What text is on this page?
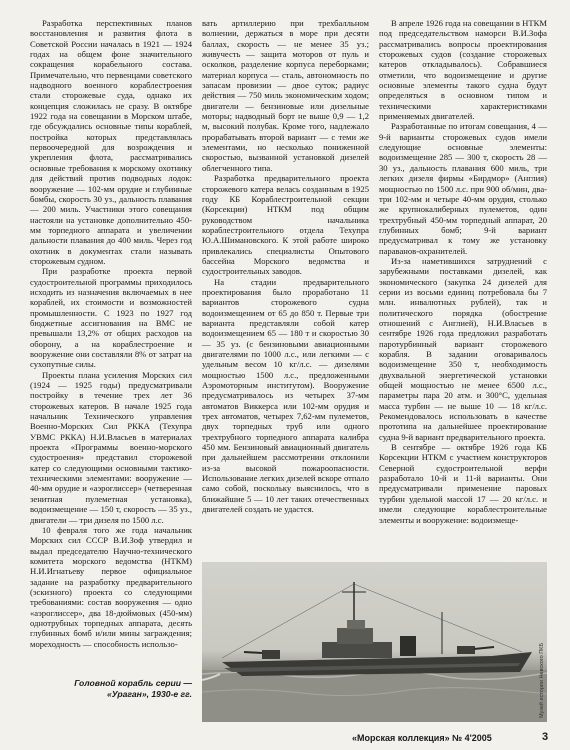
Разработка перспективных планов восстановления и развития флота в Советской России началась в 1921 — 1924 годах на общем фоне значительного сокращения корабельного состава. Примечательно, что первенцами советского надводного военного кораблестроения стали сторожевые суда, однако их концепция сложилась не сразу. В октябре 1922 года на совещании в Морском штабе, где обсуждались основные типы кораблей, постройка которых представлялась первоочередной для возрождения и укрепления флота, рассматривались основные требования к морскому охотнику для действий против подводных лодок: вооружение — 102-мм орудие и глубинные бомбы, скорость 30 уз., дальность плавания — 200 миль. Участники этого совещания настояли на установке дополнительно 450-мм торпедного аппарата и увеличении дальности плавания до 400 миль. Через год охотник в документах стали называть сторожевым судном.

При разработке проекта первой судостроительной программы приходилось исходить из назначения включаемых в нее кораблей, их стоимости и возможностей промышленности. С 1923 по 1927 год бюджетные ассигнования на ВМС не превышали 13,2% от общих расходов на оборону, а на кораблестроение и вооружение они составляли 8% от затрат на сухопутные силы.

Проекты плана усиления Морских сил (1924 — 1925 годы) предусматривали постройку в течение трех лет 36 сторожевых катеров. В начале 1925 года начальник Технического управления Военно-Морских Сил РККА (Техупра УВМС РККА) Н.И.Власьев в материалах проекта «Программы военно-морского судостроения» представил сторожевой катер со следующими основными тактико-техническими элементами: вооружение — 40-мм орудие и «аэроглиссер» (четверенная зенитная пулеметная установка), водоизмещение — 150 т, скорость — 35 уз., двигатели — три дизеля по 1500 л.с.

10 февраля того же года начальник Морских сил СССР В.И.Зоф утвердил и выдал председателю Научно-технического комитета морского ведомства (НТКМ) Н.И.Игнатьеву первое официальное задание на разработку предварительного (эскизного) проекта со следующими требованиями: состав вооружения — одно «аэроглиссер», два 18-дюймовых (450-мм) однотрубных торпедных аппарата, десять глубинных бомб и/или мины заграждения; мореходность — способность использо-

вать артиллерию при трехбалльном волнении, держаться в море при десяти баллах, скорость — не менее 35 уз.; живучесть — защита моторов от пуль и осколков, разделение корпуса переборками; материал корпуса — сталь, автономность по запасам провизии — двое суток; радиус действия — 750 миль экономическим ходом; двигатели — бензиновые или дизельные моторы; надводный борт не выше 0,9 — 1,2 м, высокий полубак. Кроме того, надлежало прорабатывать второй вариант — с теми же элементами, но несколько пониженной скоростью, вызванной установкой дизелей облегченного типа.

Разработка предварительного проекта сторожевого катера велась созданным в 1925 году КБ Кораблестроительной секции (Корсекции) НТКМ под общим руководством начальника кораблестроительного отдела Техупра Ю.А.Шимановского. К этой работе широко привлекались специалисты Опытового бассейна Морского ведомства и судостроительных заводов.

На стадии предварительного проектирования было проработано 11 вариантов сторожевого судна водоизмещением от 65 до 850 т. Первые три варианта представляли собой катер водоизмещением 65 — 180 т и скоростью 30 — 35 уз. (с бензиновыми авиационными двигателями по 1000 л.с., или легкими — с удельным весом 10 кг/л.с. — дизелями мощностью 1500 л.с., предложенными Аэромоторным институтом). Вооружение предусматривалось из четырех 37-мм автоматов Виккерса или 102-мм орудия и трех автоматов, четырех 7,62-мм пулеметов, двух торпедных труб или одного трехтрубного торпедного аппарата калибра 450 мм. Бензиновый авиационный двигатель при дальнейшем рассмотрении отклонили из-за высокой пожароопасности. Использование легких дизелей вскоре отпало само собой, поскольку выяснилось, что в ближайшие 5 — 10 лет таких отечественных двигателей создать не удастся.

В апреле 1926 года на совещании в НТКМ под председательством наморси В.И.Зофа рассматривались вопросы проектирования сторожевых судов (создание сторожевых катеров откладывалось). Собравшиеся отметили, что водоизмещение и другие основные элементы такого судна будут определяться в основном типом и техническими характеристиками применяемых двигателей.

Разработанные по итогам совещания, 4 — 9-й варианты сторожевых судов имели следующие основные элементы: водоизмещение 285 — 300 т, скорость 28 — 30 уз., дальность плавания 600 миль, три легких дизеля фирмы «Бирдмор» (Англия) мощностью по 1500 л.с. при 900 об/мин, два-три 102-мм и четыре 40-мм орудия, столько же крупнокалиберных пулеметов, один трехтрубный 450-мм торпедный аппарат, 20 глубинных бомб; 9-й вариант предусматривал к тому же установку параванов-охранителей.

Из-за наметившихся затруднений с зарубежными поставками дизелей, как экономического (закупка 24 дизелей для серии из восьми единиц потребовала бы 7 млн. инвалютных рублей), так и политического порядка (обострение отношений с Англией), Н.И.Власьев в сентябре 1926 года предложил разработать паротурбинный вариант сторожевого корабля. В задании оговаривалось водоизмещение 350 т, необходимость двухвальной энергетической установки общей мощностью не менее 6500 л.с., параметры пара 20 атм. и 300°С, удельная масса турбин — не выше 10 — 18 кг/л.с. Рекомендовалось использовать в качестве прототипа на дальнейшее проектирование судна 9-й вариант предварительного проекта.

В сентябре — октябре 1926 года КБ Корсекции НТКМ с участием конструкторов Северной судостроительной верфи разработало 10-й и 11-й варианты. Они предусматривали применение паровых турбин удельной массой 17 — 20 кг/л.с. и имели следующие кораблестроительные элементы и вооружение: водоизмеще-

Музей истории Невского ПКБ
Головной корабль серии — «Ураган», 1930-е гг.
«Морская коллекция» № 4'2005	3
